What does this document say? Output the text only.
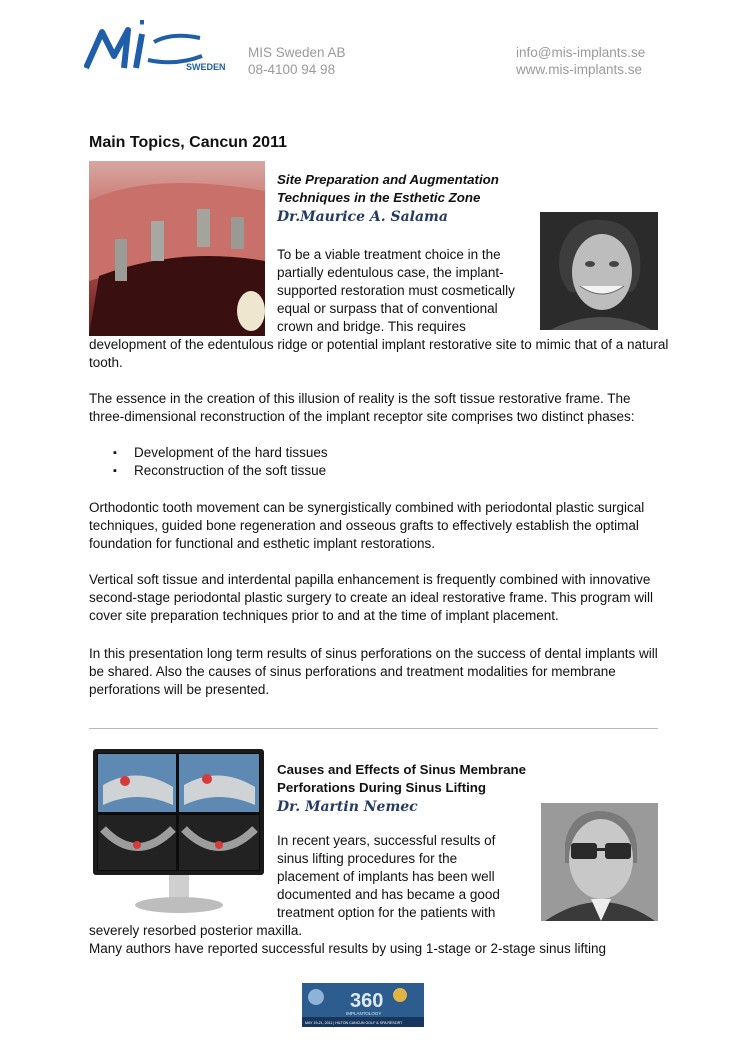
SWEDEN
MIS Sweden AB
08-4100 94 98
info@mis-implants.se
www.mis-implants.se
Main Topics, Cancun 2011
Site Preparation and Augmentation
Techniques in the Esthetic Zone
Dr.Maurice A. Salama
To be a viable treatment choice in the
partially edentulous case, the implant-
supported restoration must cosmetically
equal or surpass that of conventional
crown and bridge. This requires
development of the edentulous ridge or potential implant restorative site to mimic that of a natural tooth.
The essence in the creation of this illusion of reality is the soft tissue restorative frame. The three-dimensional reconstruction of the implant receptor site comprises two distinct phases:
▪ Development of the hard tissues
▪ Reconstruction of the soft tissue
Orthodontic tooth movement can be synergistically combined with periodontal plastic surgical techniques, guided bone regeneration and osseous grafts to effectively establish the optimal foundation for functional and esthetic implant restorations.
Vertical soft tissue and interdental papilla enhancement is frequently combined with innovative second-stage periodontal plastic surgery to create an ideal restorative frame. This program will cover site preparation techniques prior to and at the time of implant placement.
In this presentation long term results of sinus perforations on the success of dental implants will be shared. Also the causes of sinus perforations and treatment modalities for membrane perforations will be presented.
Causes and Effects of Sinus Membrane
Perforations During Sinus Lifting
Dr. Martin Nemec
In recent years, successful results of
sinus lifting procedures for the
placement of implants has been well
documented and has became a good
treatment option for the patients with
severely resorbed posterior maxilla.
Many authors have reported successful results by using 1-stage or 2-stage sinus lifting
360
IMPLANTOLOGY
MAY 19-21, 2011 | HILTON CANCUN GOLF & SPA RESORT
